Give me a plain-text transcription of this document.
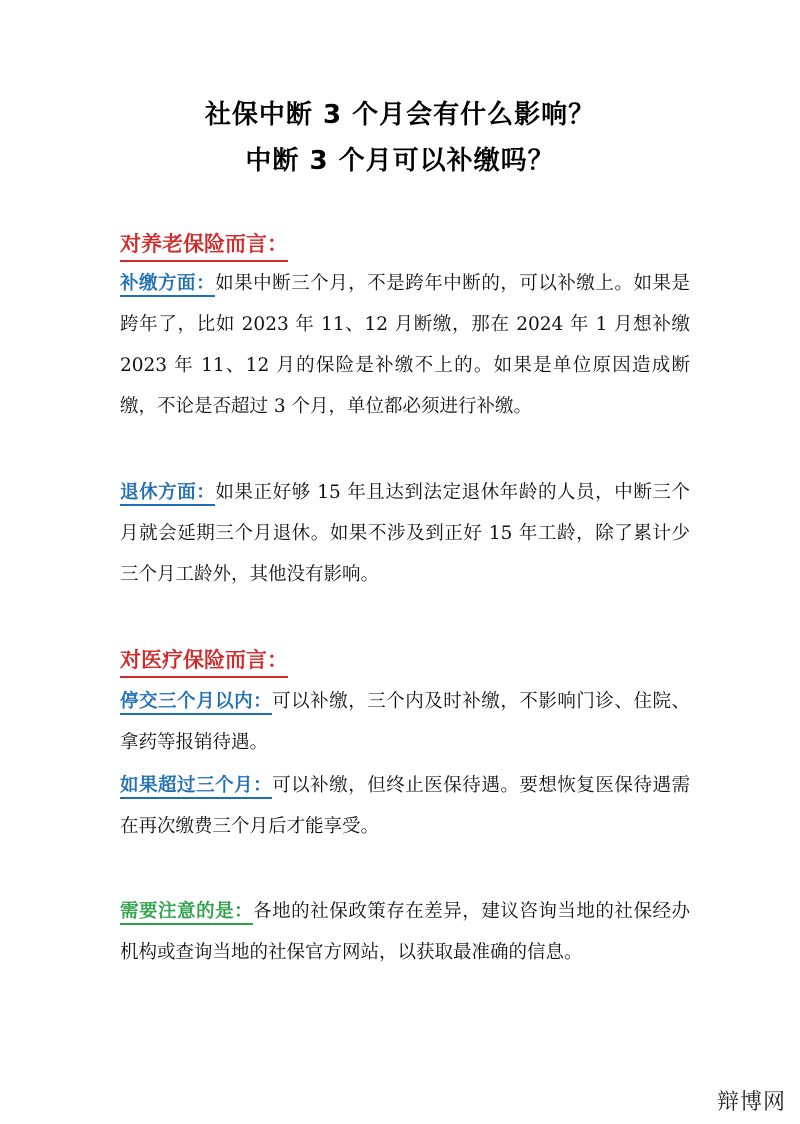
社保中断 3 个月会有什么影响？
中断 3 个月可以补缴吗？
对养老保险而言：

补缴方面：如果中断三个月，不是跨年中断的，可以补缴上。如果是跨年了，比如 2023 年 11、12 月断缴，那在 2024 年 1 月想补缴 2023 年 11、12 月的保险是补缴不上的。如果是单位原因造成断缴，不论是否超过 3 个月，单位都必须进行补缴。

退休方面：如果正好够 15 年且达到法定退休年龄的人员，中断三个月就会延期三个月退休。如果不涉及到正好 15 年工龄，除了累计少三个月工龄外，其他没有影响。

对医疗保险而言：

停交三个月以内：可以补缴，三个内及时补缴，不影响门诊、住院、拿药等报销待遇。

如果超过三个月：可以补缴，但终止医保待遇。要想恢复医保待遇需在再次缴费三个月后才能享受。

需要注意的是：各地的社保政策存在差异，建议咨询当地的社保经办机构或查询当地的社保官方网站，以获取最准确的信息。

辩博网
